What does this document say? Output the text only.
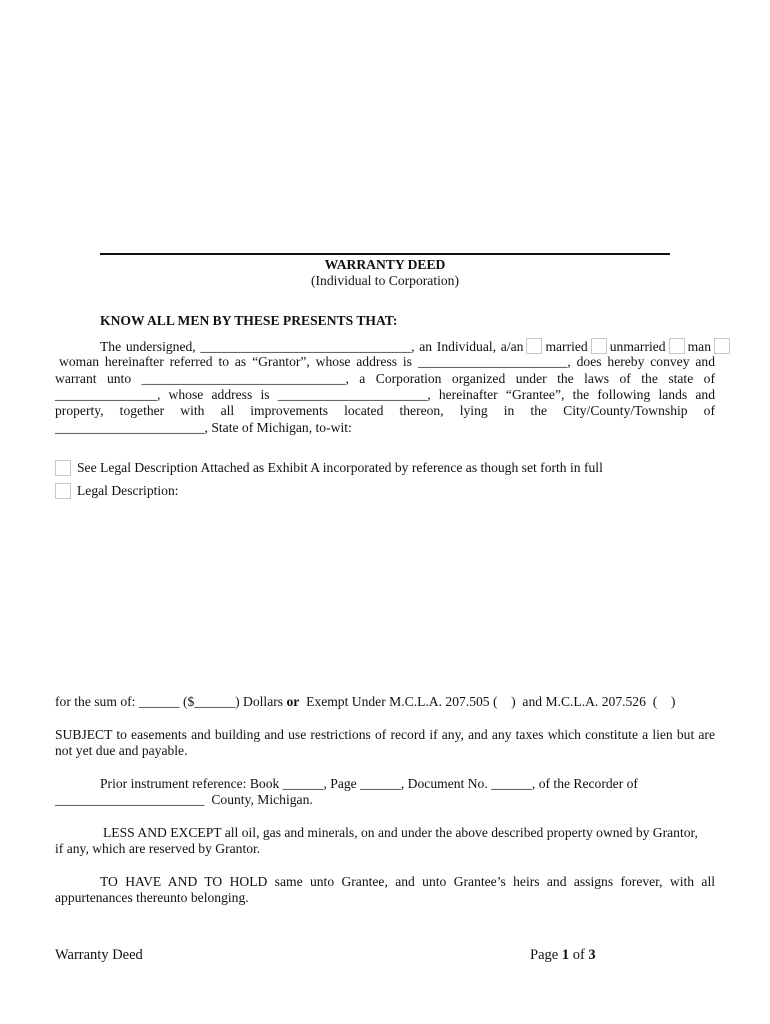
WARRANTY DEED
(Individual to Corporation)
KNOW ALL MEN BY THESE PRESENTS THAT:
The undersigned, _______________________________, an Individual, a/an married unmarried man
woman hereinafter referred to as “Grantor”, whose address is ______________________, does hereby convey and
warrant unto ______________________________, a Corporation organized under the laws of the state of
_______________, whose address is ______________________, hereinafter “Grantee”, the following lands and
property, together with all improvements located thereon, lying in the City/County/Township of
______________________, State of Michigan, to-wit:
See Legal Description Attached as Exhibit A incorporated by reference as though set forth in full
Legal Description:
for the sum of: ______ ($______) Dollars or  Exempt Under M.C.L.A. 207.505 (    )  and M.C.L.A. 207.526  (    )
SUBJECT to easements and building and use restrictions of record if any, and any taxes which constitute a lien but are
not yet due and payable.
Prior instrument reference: Book ______, Page ______, Document No. ______, of the Recorder of
______________________  County, Michigan.
LESS AND EXCEPT all oil, gas and minerals, on and under the above described property owned by Grantor,
if any, which are reserved by Grantor.
TO HAVE AND TO HOLD same unto Grantee, and unto Grantee’s heirs and assigns forever, with all
appurtenances thereunto belonging.
Warranty Deed	Page 1 of 3
